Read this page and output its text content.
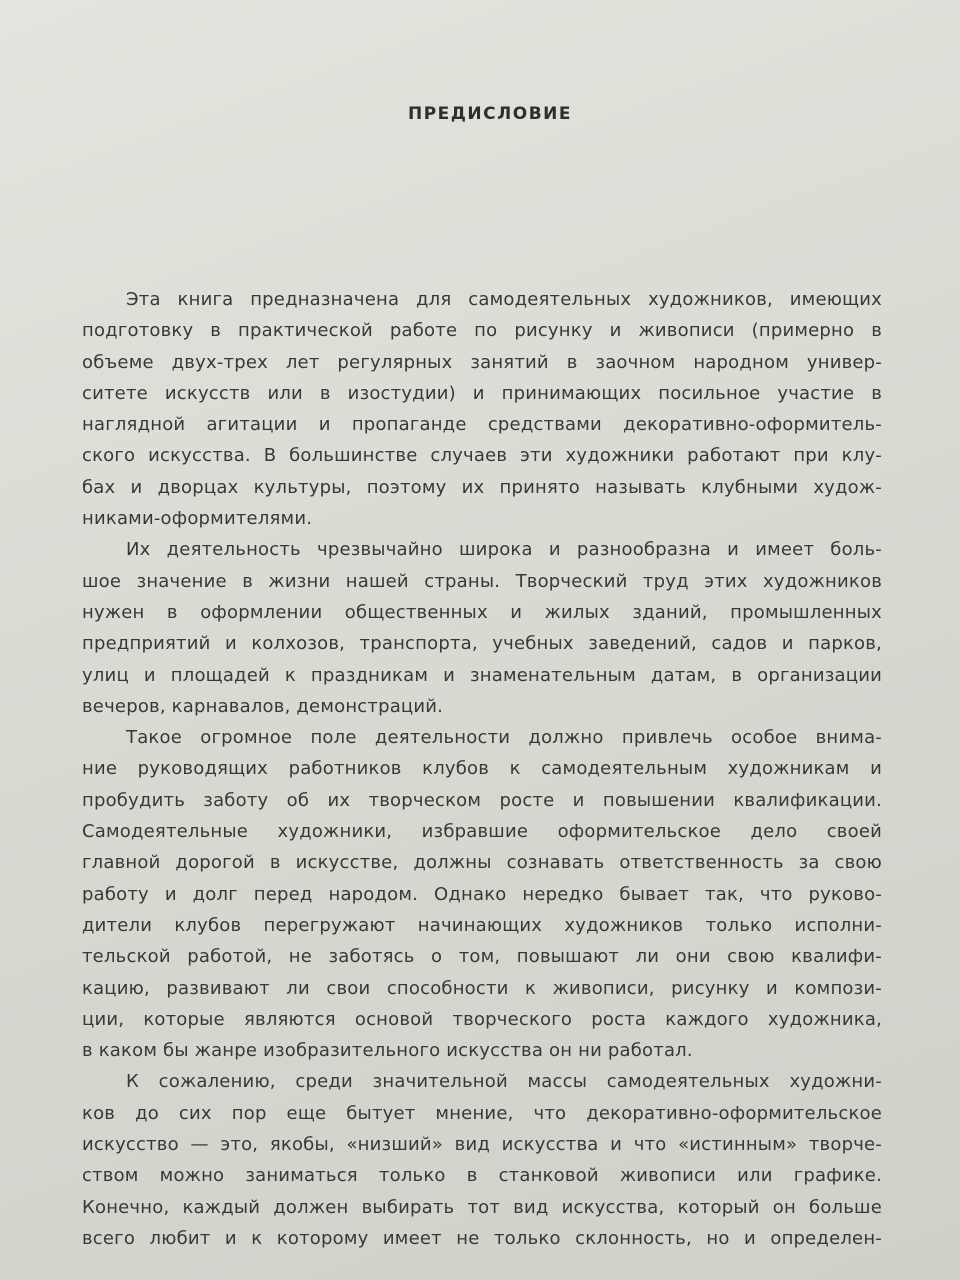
ПРЕДИСЛОВИЕ
Эта книга предназначена для самодеятельных художников, имеющих
подготовку в практической работе по рисунку и живописи (примерно в
объеме двух-трех лет регулярных занятий в заочном народном универ-
ситете искусств или в изостудии) и принимающих посильное участие в
наглядной агитации и пропаганде средствами декоративно-оформитель-
ского искусства. В большинстве случаев эти художники работают при клу-
бах и дворцах культуры, поэтому их принято называть клубными худож-
никами-оформителями.
Их деятельность чрезвычайно широка и разнообразна и имеет боль-
шое значение в жизни нашей страны. Творческий труд этих художников
нужен в оформлении общественных и жилых зданий, промышленных
предприятий и колхозов, транспорта, учебных заведений, садов и парков,
улиц и площадей к праздникам и знаменательным датам, в организации
вечеров, карнавалов, демонстраций.
Такое огромное поле деятельности должно привлечь особое внима-
ние руководящих работников клубов к самодеятельным художникам и
пробудить заботу об их творческом росте и повышении квалификации.
Самодеятельные художники, избравшие оформительское дело своей
главной дорогой в искусстве, должны сознавать ответственность за свою
работу и долг перед народом. Однако нередко бывает так, что руково-
дители клубов перегружают начинающих художников только исполни-
тельской работой, не заботясь о том, повышают ли они свою квалифи-
кацию, развивают ли свои способности к живописи, рисунку и компози-
ции, которые являются основой творческого роста каждого художника,
в каком бы жанре изобразительного искусства он ни работал.
К сожалению, среди значительной массы самодеятельных художни-
ков до сих пор еще бытует мнение, что декоративно-оформительское
искусство — это, якобы, «низший» вид искусства и что «истинным» творче-
ством можно заниматься только в станковой живописи или графике.
Конечно, каждый должен выбирать тот вид искусства, который он больше
всего любит и к которому имеет не только склонность, но и определен-
